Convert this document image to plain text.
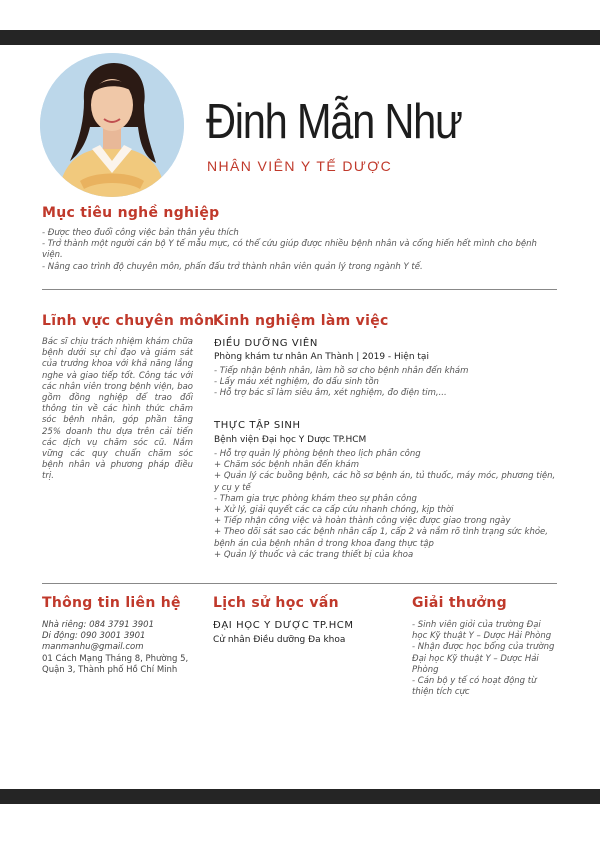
Đinh Mẫn Như
NHÂN VIÊN Y TẾ DƯỢC
Mục tiêu nghề nghiệp

- Được theo đuổi công việc bản thân yêu thích

- Trở thành một người cán bộ Y tế mẫu mực, có thể cứu giúp được nhiều bệnh nhân và cống hiến hết mình cho bệnh viện.

- Nâng cao trình độ chuyên môn, phấn đấu trở thành nhân viên quản lý trong ngành Y tế.

Lĩnh vực chuyên môn
Bác sĩ chịu trách nhiệm khám chữa bệnh dưới sự chỉ đạo và giám sát của trưởng khoa với khả năng lắng nghe và giao tiếp tốt. Công tác với các nhân viên trong bệnh viện, bao gồm đồng nghiệp để trao đổi thông tin về các hình thức chăm sóc bệnh nhân, góp phần tăng 25% doanh thu dựa trên cải tiến các dịch vụ chăm sóc cũ. Nắm vững các quy chuẩn chăm sóc bệnh nhân và phương pháp điều trị.
Kinh nghiệm làm việc
ĐIỀU DƯỠNG VIÊN
Phòng khám tư nhân An Thành | 2019 - Hiện tại
- Tiếp nhận bệnh nhân, làm hồ sơ cho bệnh nhân đến khám
- Lấy máu xét nghiệm, đo dấu sinh tồn
- Hỗ trợ bác sĩ làm siêu âm, xét nghiệm, đo điện tim,...
THỰC TẬP SINH
Bệnh viện Đại học Y Dược TP.HCM
- Hỗ trợ quản lý phòng bệnh theo lịch phân công
+ Chăm sóc bệnh nhân đến khám
+ Quản lý các buồng bệnh, các hồ sơ bệnh án, tủ thuốc, máy móc, phương tiện, y cụ y tế
- Tham gia trực phòng khám theo sự phân công
+ Xử lý, giải quyết các ca cấp cứu nhanh chóng, kịp thời
+ Tiếp nhận công việc và hoàn thành công việc được giao trong ngày
+ Theo dõi sát sao các bệnh nhân cấp 1, cấp 2 và nắm rõ tình trạng sức khỏe, bệnh án của bệnh nhân ở trong khoa đang thực tập
+ Quản lý thuốc và các trang thiết bị của khoa
Thông tin liên hệ
Nhà riêng: 084 3791 3901
Di động: 090 3001 3901
manmanhu@gmail.com
01 Cách Mạng Tháng 8, Phường 5, Quận 3, Thành phố Hồ Chí Minh
Lịch sử học vấn
ĐẠI HỌC Y DƯỢC TP.HCM
Cử nhân Điều dưỡng Đa khoa
Giải thưởng

- Sinh viên giỏi của trường Đại học Kỹ thuật Y – Dược Hải Phòng

- Nhận được học bổng của trường Đại học Kỹ thuật Y – Dược Hải Phòng

- Cán bộ y tế có hoạt động từ thiện tích cực
